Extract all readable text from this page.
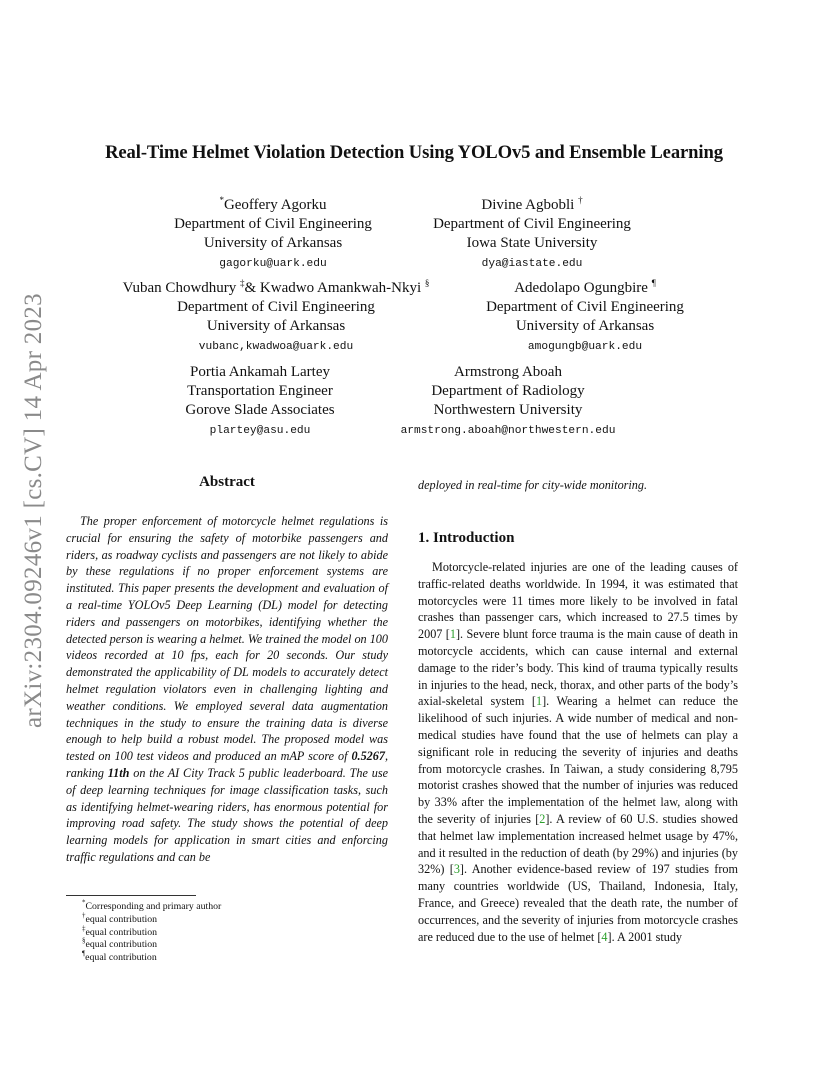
arXiv:2304.09246v1 [cs.CV] 14 Apr 2023
Real-Time Helmet Violation Detection Using YOLOv5 and Ensemble Learning
*Geoffery Agorku
Department of Civil Engineering
University of Arkansas
gagorku@uark.edu
Divine Agbobli †
Department of Civil Engineering
Iowa State University
dya@iastate.edu
Vuban Chowdhury ‡& Kwadwo Amankwah-Nkyi §
Department of Civil Engineering
University of Arkansas
vubanc,kwadwoa@uark.edu
Adedolapo Ogungbire ¶
Department of Civil Engineering
University of Arkansas
amogungb@uark.edu
Portia Ankamah Lartey
Transportation Engineer
Gorove Slade Associates
plartey@asu.edu
Armstrong Aboah
Department of Radiology
Northwestern University
armstrong.aboah@northwestern.edu
Abstract
The proper enforcement of motorcycle helmet regulations is crucial for ensuring the safety of motorbike passengers and riders, as roadway cyclists and passengers are not likely to abide by these regulations if no proper enforcement systems are instituted. This paper presents the development and evaluation of a real-time YOLOv5 Deep Learning (DL) model for detecting riders and passengers on motorbikes, identifying whether the detected person is wearing a helmet. We trained the model on 100 videos recorded at 10 fps, each for 20 seconds. Our study demonstrated the applicability of DL models to accurately detect helmet regulation violators even in challenging lighting and weather conditions. We employed several data augmentation techniques in the study to ensure the training data is diverse enough to help build a robust model. The proposed model was tested on 100 test videos and produced an mAP score of 0.5267, ranking 11th on the AI City Track 5 public leaderboard. The use of deep learning techniques for image classification tasks, such as identifying helmet-wearing riders, has enormous potential for improving road safety. The study shows the potential of deep learning models for application in smart cities and enforcing traffic regulations and can be
deployed in real-time for city-wide monitoring.
1. Introduction
Motorcycle-related injuries are one of the leading causes of traffic-related deaths worldwide. In 1994, it was estimated that motorcycles were 11 times more likely to be involved in fatal crashes than passenger cars, which increased to 27.5 times by 2007 [1]. Severe blunt force trauma is the main cause of death in motorcycle accidents, which can cause internal and external damage to the rider’s body. This kind of trauma typically results in injuries to the head, neck, thorax, and other parts of the body’s axial-skeletal system [1]. Wearing a helmet can reduce the likelihood of such injuries. A wide number of medical and non-medical studies have found that the use of helmets can play a significant role in reducing the severity of injuries and deaths from motorcycle crashes. In Taiwan, a study considering 8,795 motorist crashes showed that the number of injuries was reduced by 33% after the implementation of the helmet law, along with the severity of injuries [2]. A review of 60 U.S. studies showed that helmet law implementation increased helmet usage by 47%, and it resulted in the reduction of death (by 29%) and injuries (by 32%) [3]. Another evidence-based review of 197 studies from many countries worldwide (US, Thailand, Indonesia, Italy, France, and Greece) revealed that the death rate, the number of occurrences, and the severity of injuries from motorcycle crashes are reduced due to the use of helmet [4]. A 2001 study
*Corresponding and primary author
†equal contribution
‡equal contribution
§equal contribution
¶equal contribution
